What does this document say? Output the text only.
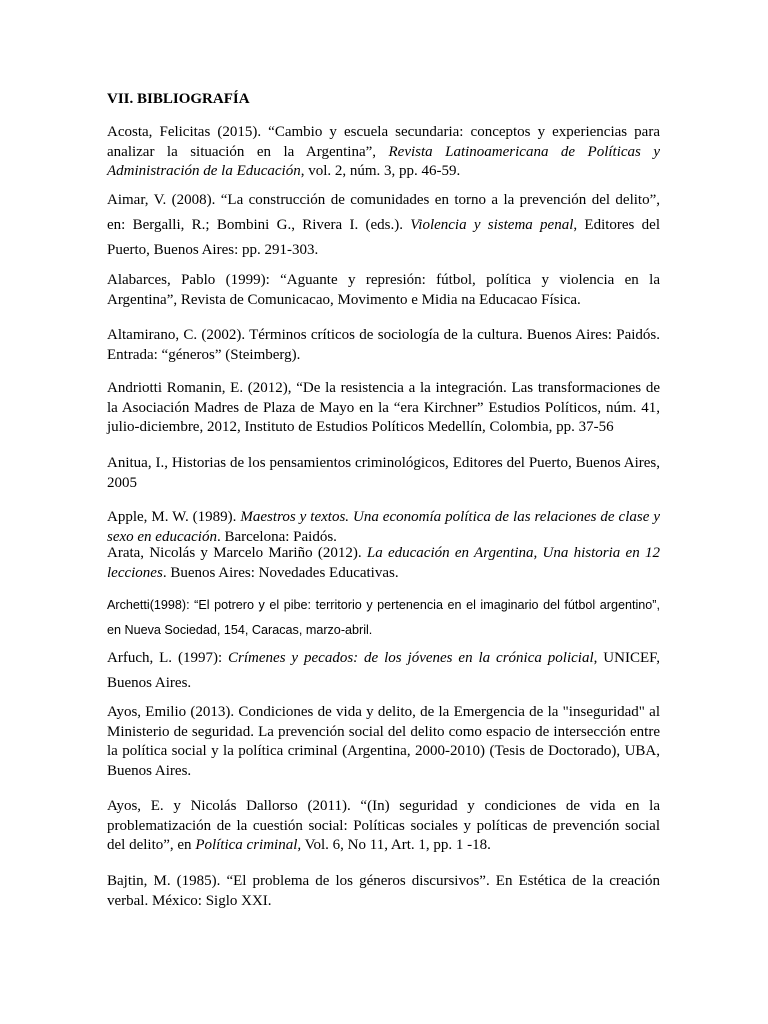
VII. BIBLIOGRAFÍA

Acosta, Felicitas (2015). “Cambio y escuela secundaria: conceptos y experiencias para analizar la situación en la Argentina”, Revista Latinoamericana de Políticas y Administración de la Educación, vol. 2, núm. 3, pp. 46-59.

Aimar, V. (2008). “La construcción de comunidades en torno a la prevención del delito”, en: Bergalli, R.; Bombini G., Rivera I. (eds.). Violencia y sistema penal, Editores del Puerto, Buenos Aires: pp. 291-303.

Alabarces, Pablo (1999): “Aguante y represión: fútbol, política y violencia en la Argentina”, Revista de Comunicacao, Movimento e Midia na Educacao Física.

Altamirano, C. (2002). Términos críticos de sociología de la cultura. Buenos Aires: Paidós. Entrada: “géneros” (Steimberg).

Andriotti Romanin, E. (2012), “De la resistencia a la integración. Las transformaciones de la Asociación Madres de Plaza de Mayo en la “era Kirchner” Estudios Políticos, núm. 41, julio-diciembre, 2012, Instituto de Estudios Políticos Medellín, Colombia, pp. 37-56

Anitua, I., Historias de los pensamientos criminológicos, Editores del Puerto, Buenos Aires, 2005

Apple, M. W. (1989). Maestros y textos. Una economía política de las relaciones de clase y sexo en educación. Barcelona: Paidós.

Arata, Nicolás y Marcelo Mariño (2012). La educación en Argentina, Una historia en 12 lecciones. Buenos Aires: Novedades Educativas.

Archetti(1998): “El potrero y el pibe: territorio y pertenencia en el imaginario del fútbol argentino”, en Nueva Sociedad, 154, Caracas, marzo-abril.

Arfuch, L. (1997): Crímenes y pecados: de los jóvenes en la crónica policial, UNICEF, Buenos Aires.

Ayos, Emilio (2013). Condiciones de vida y delito, de la Emergencia de la "inseguridad" al Ministerio de seguridad. La prevención social del delito como espacio de intersección entre la política social y la política criminal (Argentina, 2000-2010) (Tesis de Doctorado), UBA, Buenos Aires.

Ayos, E. y Nicolás Dallorso (2011). “(In) seguridad y condiciones de vida en la problematización de la cuestión social: Políticas sociales y políticas de prevención social del delito”, en Política criminal, Vol. 6, No 11, Art. 1, pp. 1 -18.

Bajtin, M. (1985). “El problema de los géneros discursivos”. En Estética de la creación verbal. México: Siglo XXI.
